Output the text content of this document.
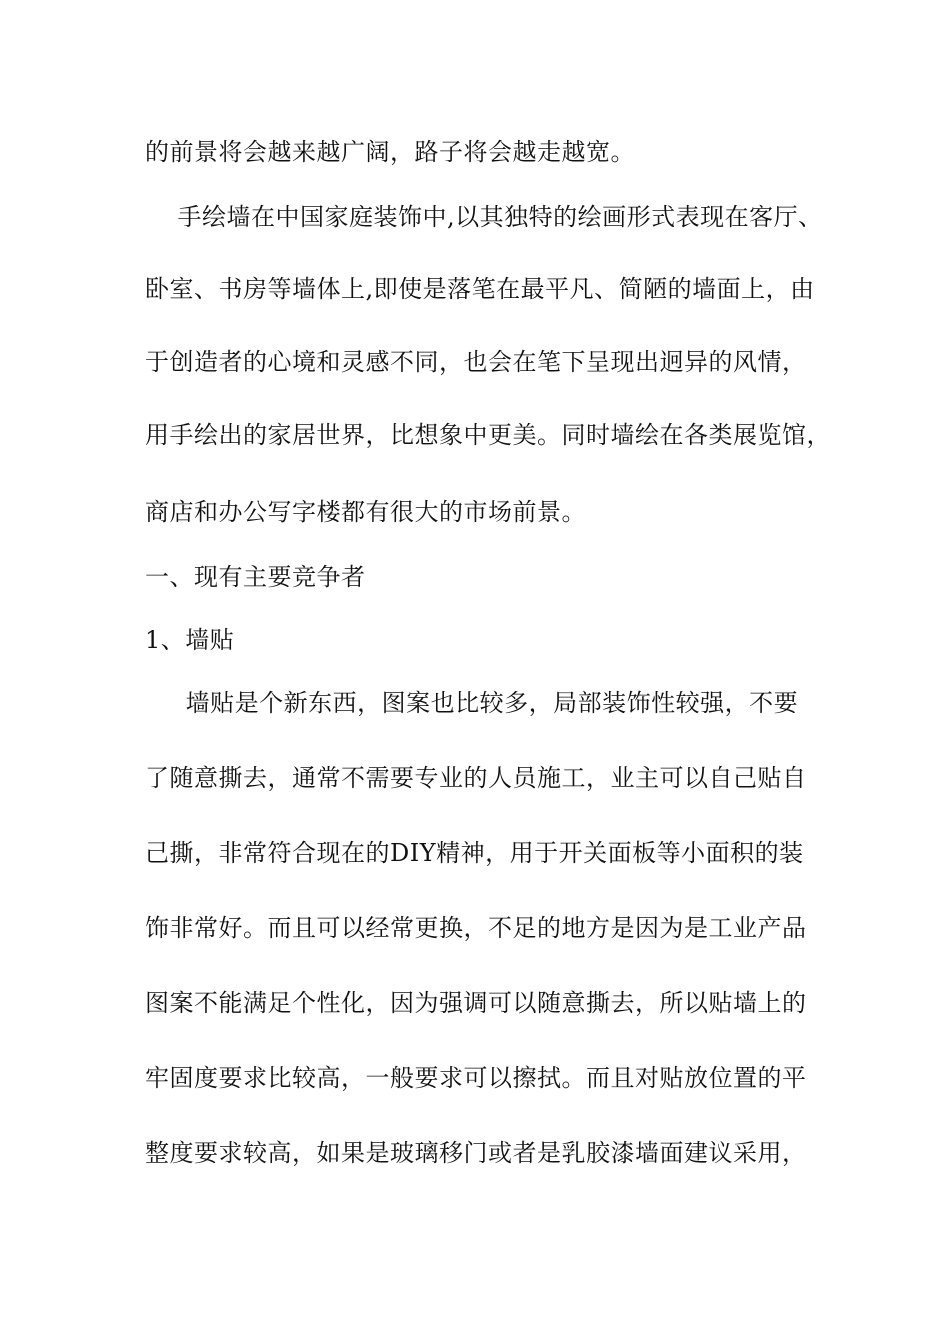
的前景将会越来越广阔，路子将会越走越宽。
手绘墙在中国家庭装饰中,以其独特的绘画形式表现在客厅、
卧室、书房等墙体上,即使是落笔在最平凡、简陋的墙面上，由
于创造者的心境和灵感不同，也会在笔下呈现出迥异的风情，
用手绘出的家居世界，比想象中更美。同时墙绘在各类展览馆，
商店和办公写字楼都有很大的市场前景。
一、现有主要竞争者
1、墙贴
墙贴是个新东西，图案也比较多，局部装饰性较强，不要
了随意撕去，通常不需要专业的人员施工，业主可以自己贴自
己撕，非常符合现在的DIY精神，用于开关面板等小面积的装
饰非常好。而且可以经常更换，不足的地方是因为是工业产品
图案不能满足个性化，因为强调可以随意撕去，所以贴墙上的
牢固度要求比较高，一般要求可以擦拭。而且对贴放位置的平
整度要求较高，如果是玻璃移门或者是乳胶漆墙面建议采用，
